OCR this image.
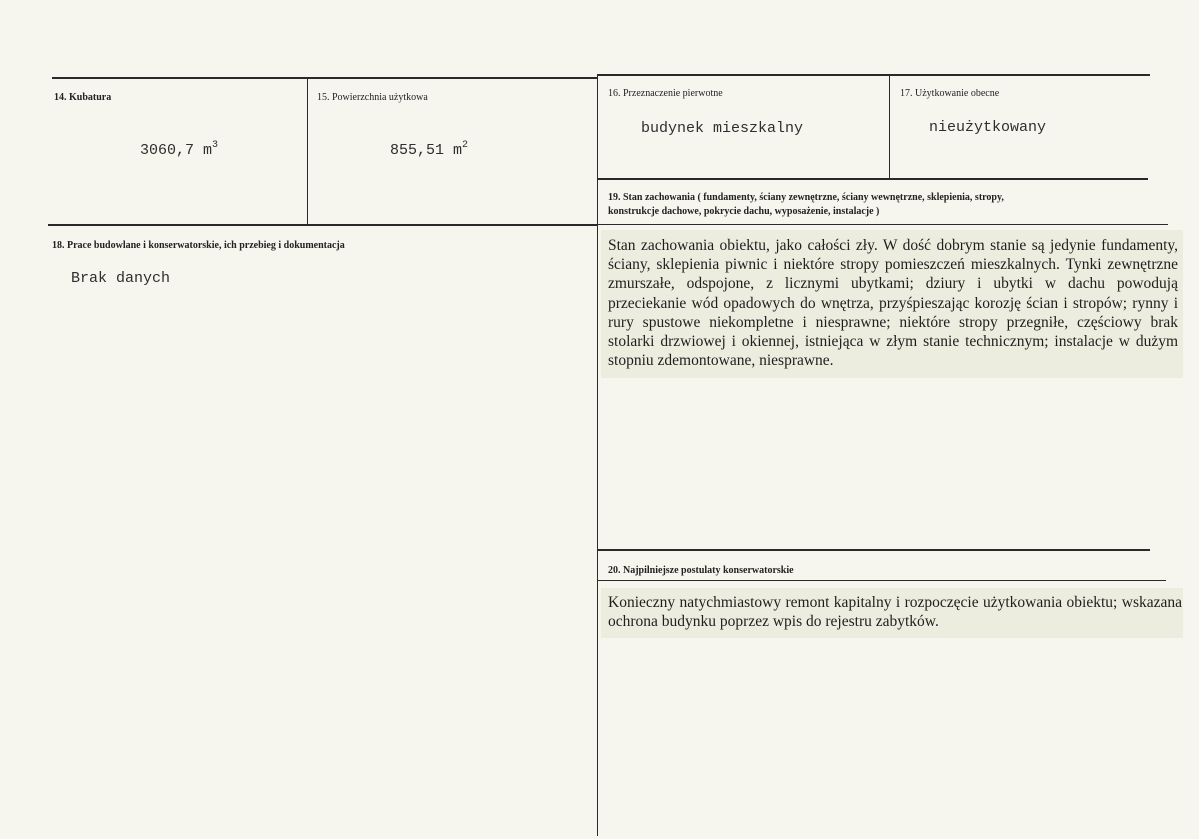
14. Kubatura
3060,7 $m^3$
15. Powierzchnia użytkowa
855,51 $m^2$
16. Przeznaczenie pierwotne
budynek mieszkalny
17. Użytkowanie obecne
nieużytkowany
18. Prace budowlane i konserwatorskie, ich przebieg i dokumentacja
Brak danych
19. Stan zachowania ( fundamenty, ściany zewnętrzne, ściany wewnętrzne, sklepienia, stropy,
konstrukcje dachowe, pokrycie dachu, wyposażenie, instalacje )
Stan zachowania obiektu, jako całości zły. W dość dobrym stanie są jedynie fundamenty, ściany, sklepienia piwnic i niektóre stropy pomieszczeń mieszkalnych. Tynki zewnętrzne zmurszałe, odspojone, z licznymi ubytkami; dziury i ubytki w dachu powodują przeciekanie wód opadowych do wnętrza, przyśpieszając korozję ścian i stropów; rynny i rury spustowe niekompletne i niesprawne; niektóre stropy przegniłe, częściowy brak stolarki drzwiowej i okiennej, istniejąca w złym stanie technicznym; instalacje w dużym stopniu zdemontowane, niesprawne.
20. Najpilniejsze postulaty konserwatorskie
Konieczny natychmiastowy remont kapitalny i rozpoczęcie użytkowania obiektu; wskazana ochrona budynku poprzez wpis do rejestru zabytków.
